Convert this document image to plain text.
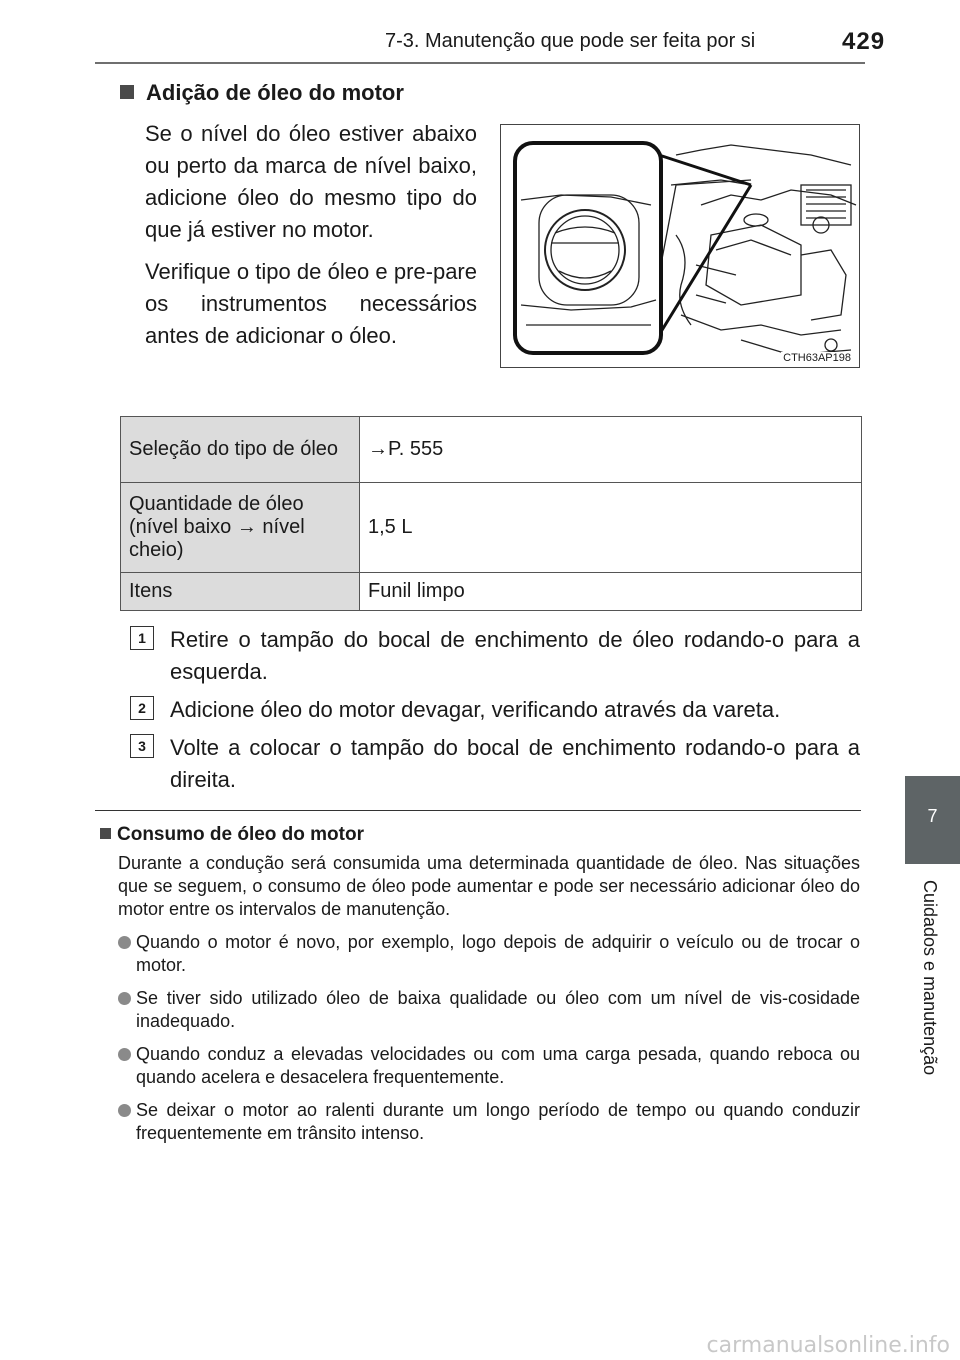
7-3. Manutenção que pode ser feita por si	429
7
Cuidados e manutenção
Adição de óleo do motor

Se o nível do óleo estiver abaixo ou perto da marca de nível baixo, adicione óleo do mesmo tipo do que já estiver no motor.

Verifique o tipo de óleo e pre-pare os instrumentos necessários antes de adicionar o óleo.

CTH63AP198
Seleção do tipo de óleo	→P. 555
Quantidade de óleo (nível baixo → nível cheio)	1,5 L
Itens	Funil limpo
1	Retire o tampão do bocal de enchimento de óleo rodando-o para a esquerda.
2	Adicione óleo do motor devagar, verificando através da vareta.
3	Volte a colocar o tampão do bocal de enchimento rodando-o para a direita.
Consumo de óleo do motor

Durante a condução será consumida uma determinada quantidade de óleo. Nas situações que se seguem, o consumo de óleo pode aumentar e pode ser necessário adicionar óleo do motor entre os intervalos de manutenção.

Quando o motor é novo, por exemplo, logo depois de adquirir o veículo ou de trocar o motor.
Se tiver sido utilizado óleo de baixa qualidade ou óleo com um nível de vis-cosidade inadequado.
Quando conduz a elevadas velocidades ou com uma carga pesada, quando reboca ou quando acelera e desacelera frequentemente.
Se deixar o motor ao ralenti durante um longo período de tempo ou quando conduzir frequentemente em trânsito intenso.
carmanualsonline.info
